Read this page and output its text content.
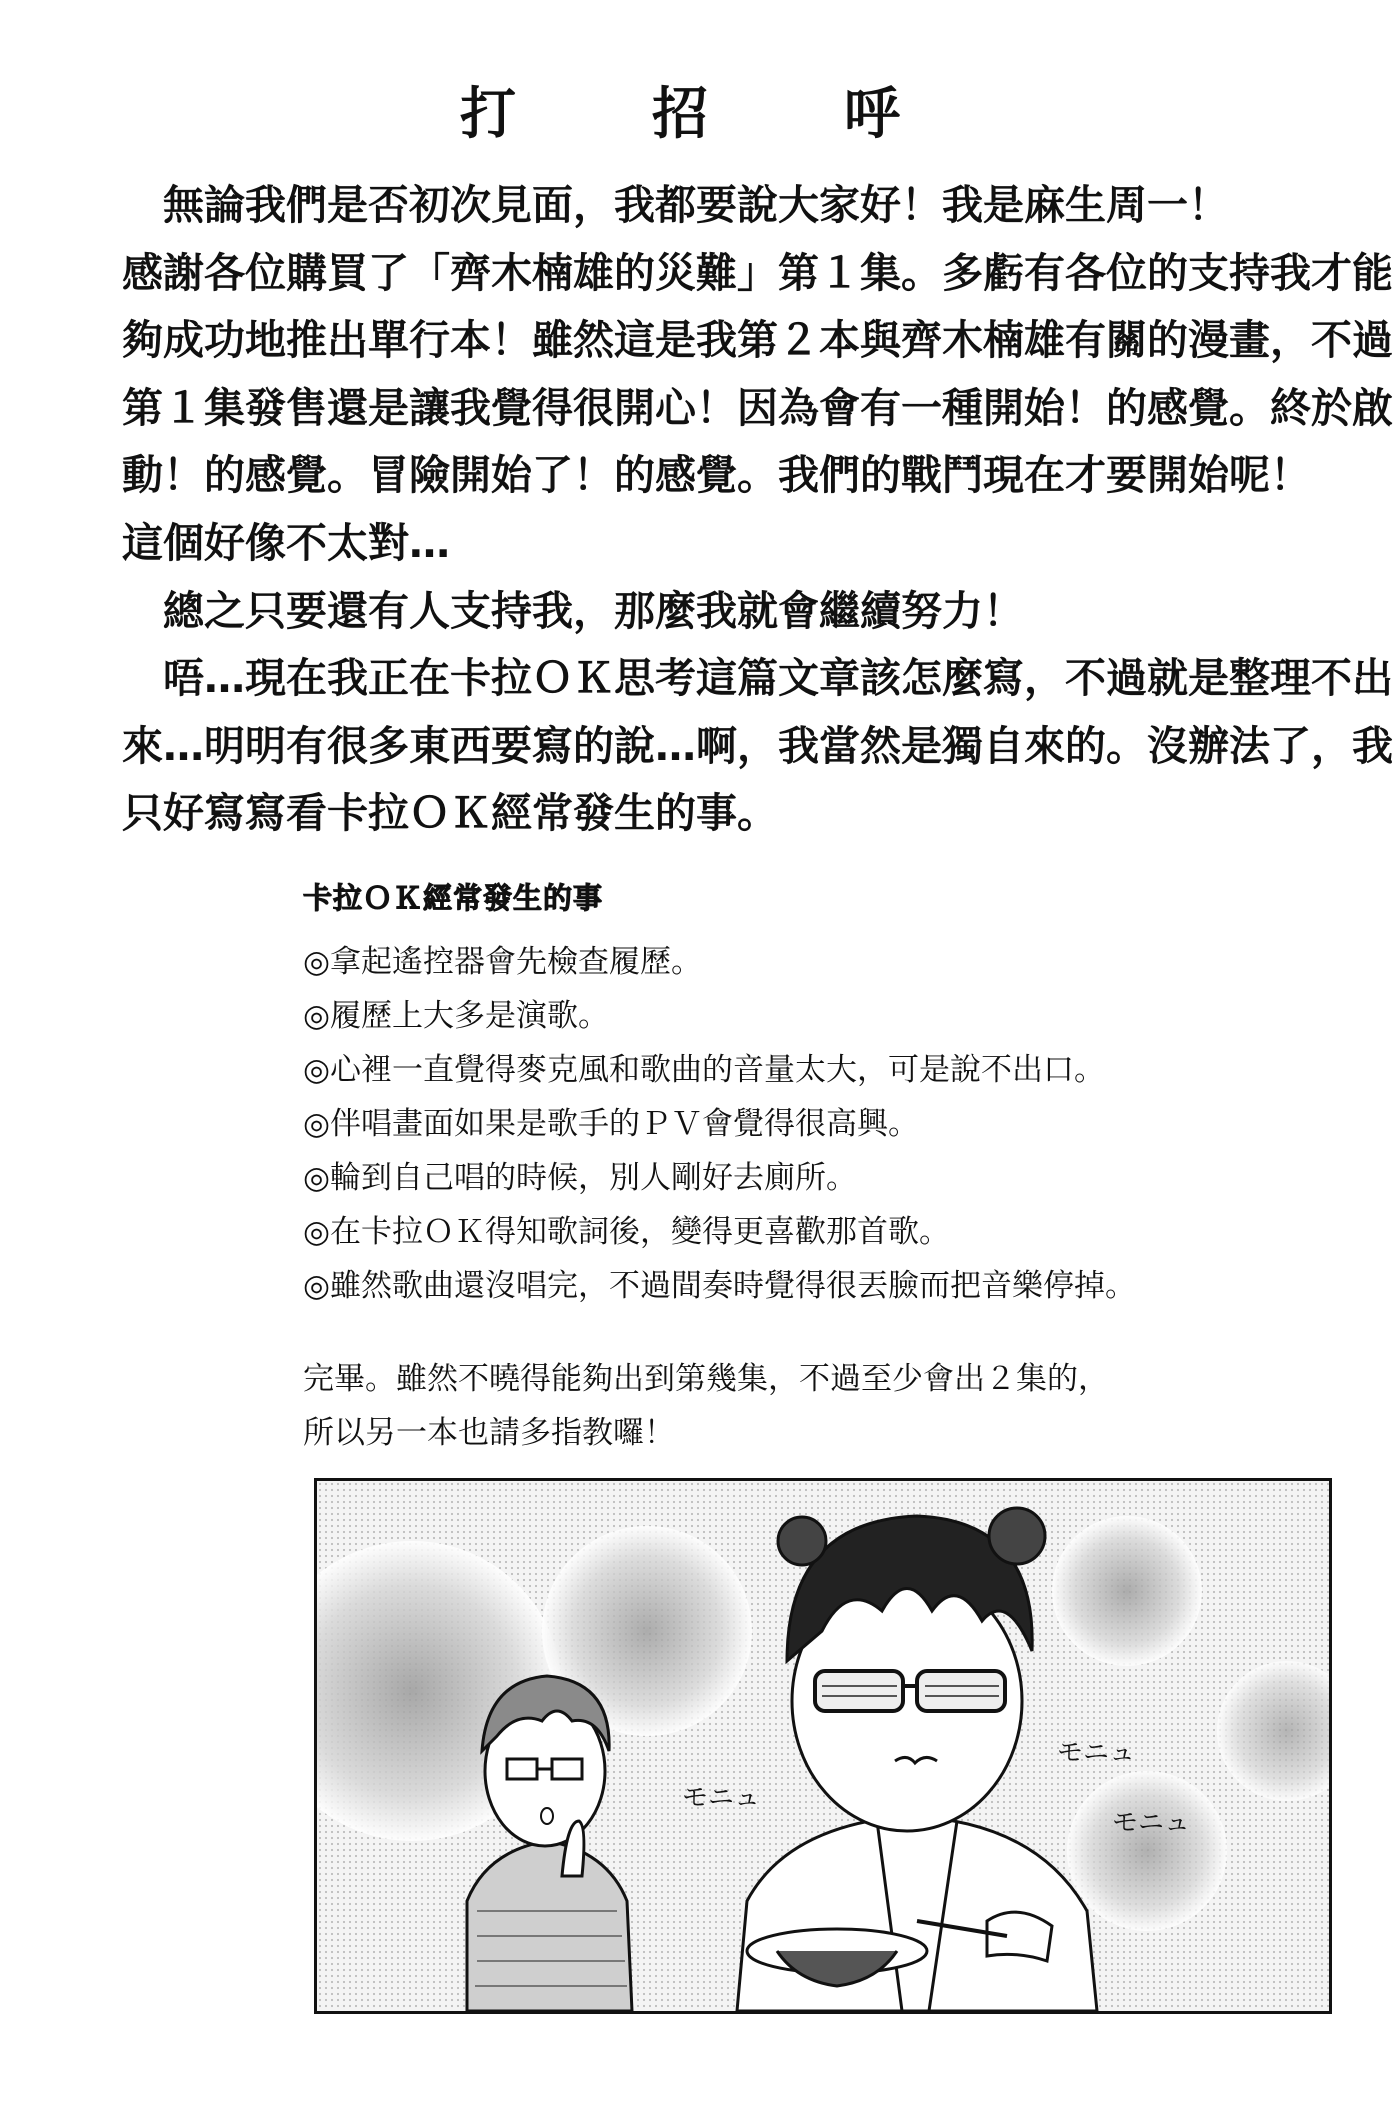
打　招　呼

無論我們是否初次見面，我都要說大家好！我是麻生周一！

感謝各位購買了「齊木楠雄的災難」第１集。多虧有各位的支持我才能

夠成功地推出單行本！雖然這是我第２本與齊木楠雄有關的漫畫，不過

第１集發售還是讓我覺得很開心！因為會有一種開始！的感覺。終於啟

動！的感覺。冒險開始了！的感覺。我們的戰鬥現在才要開始呢！

這個好像不太對…

總之只要還有人支持我，那麼我就會繼續努力！

唔…現在我正在卡拉ＯＫ思考這篇文章該怎麼寫，不過就是整理不出

來…明明有很多東西要寫的說…啊，我當然是獨自來的。沒辦法了，我

只好寫寫看卡拉ＯＫ經常發生的事。

卡拉ＯＫ經常發生的事
◎拿起遙控器會先檢查履歷。
◎履歷上大多是演歌。
◎心裡一直覺得麥克風和歌曲的音量太大，可是說不出口。
◎伴唱畫面如果是歌手的ＰＶ會覺得很高興。
◎輪到自己唱的時候，別人剛好去廁所。
◎在卡拉ＯＫ得知歌詞後，變得更喜歡那首歌。
◎雖然歌曲還沒唱完，不過間奏時覺得很丟臉而把音樂停掉。

完畢。雖然不曉得能夠出到第幾集，不過至少會出２集的，

所以另一本也請多指教囉！

モニュ
モニュ
モニュ
